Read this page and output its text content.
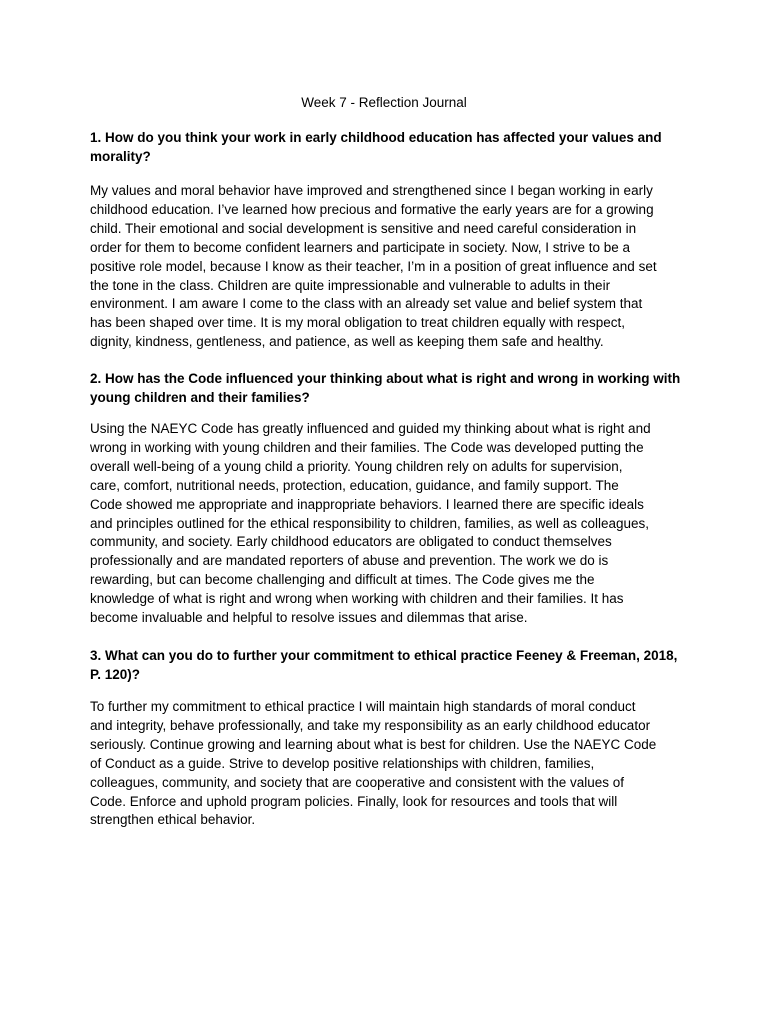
Week 7 - Reflection Journal
1. How do you think your work in early childhood education has affected your values and
morality?
My values and moral behavior have improved and strengthened since I began working in early
childhood education. I’ve learned how precious and formative the early years are for a growing
child. Their emotional and social development is sensitive and need careful consideration in
order for them to become confident learners and participate in society. Now, I strive to be a
positive role model, because I know as their teacher, I’m in a position of great influence and set
the tone in the class. Children are quite impressionable and vulnerable to adults in their
environment. I am aware I come to the class with an already set value and belief system that
has been shaped over time. It is my moral obligation to treat children equally with respect,
dignity, kindness, gentleness, and patience, as well as keeping them safe and healthy.
2. How has the Code influenced your thinking about what is right and wrong in working with
young children and their families?
Using the NAEYC Code has greatly influenced and guided my thinking about what is right and
wrong in working with young children and their families. The Code was developed putting the
overall well-being of a young child a priority. Young children rely on adults for supervision,
care, comfort, nutritional needs, protection, education, guidance, and family support. The
Code showed me appropriate and inappropriate behaviors. I learned there are specific ideals
and principles outlined for the ethical responsibility to children, families, as well as colleagues,
community, and society. Early childhood educators are obligated to conduct themselves
professionally and are mandated reporters of abuse and prevention. The work we do is
rewarding, but can become challenging and difficult at times. The Code gives me the
knowledge of what is right and wrong when working with children and their families. It has
become invaluable and helpful to resolve issues and dilemmas that arise.
3. What can you do to further your commitment to ethical practice Feeney & Freeman, 2018,
P. 120)?
To further my commitment to ethical practice I will maintain high standards of moral conduct
and integrity, behave professionally, and take my responsibility as an early childhood educator
seriously. Continue growing and learning about what is best for children. Use the NAEYC Code
of Conduct as a guide. Strive to develop positive relationships with children, families,
colleagues, community, and society that are cooperative and consistent with the values of
Code. Enforce and uphold program policies. Finally, look for resources and tools that will
strengthen ethical behavior.
